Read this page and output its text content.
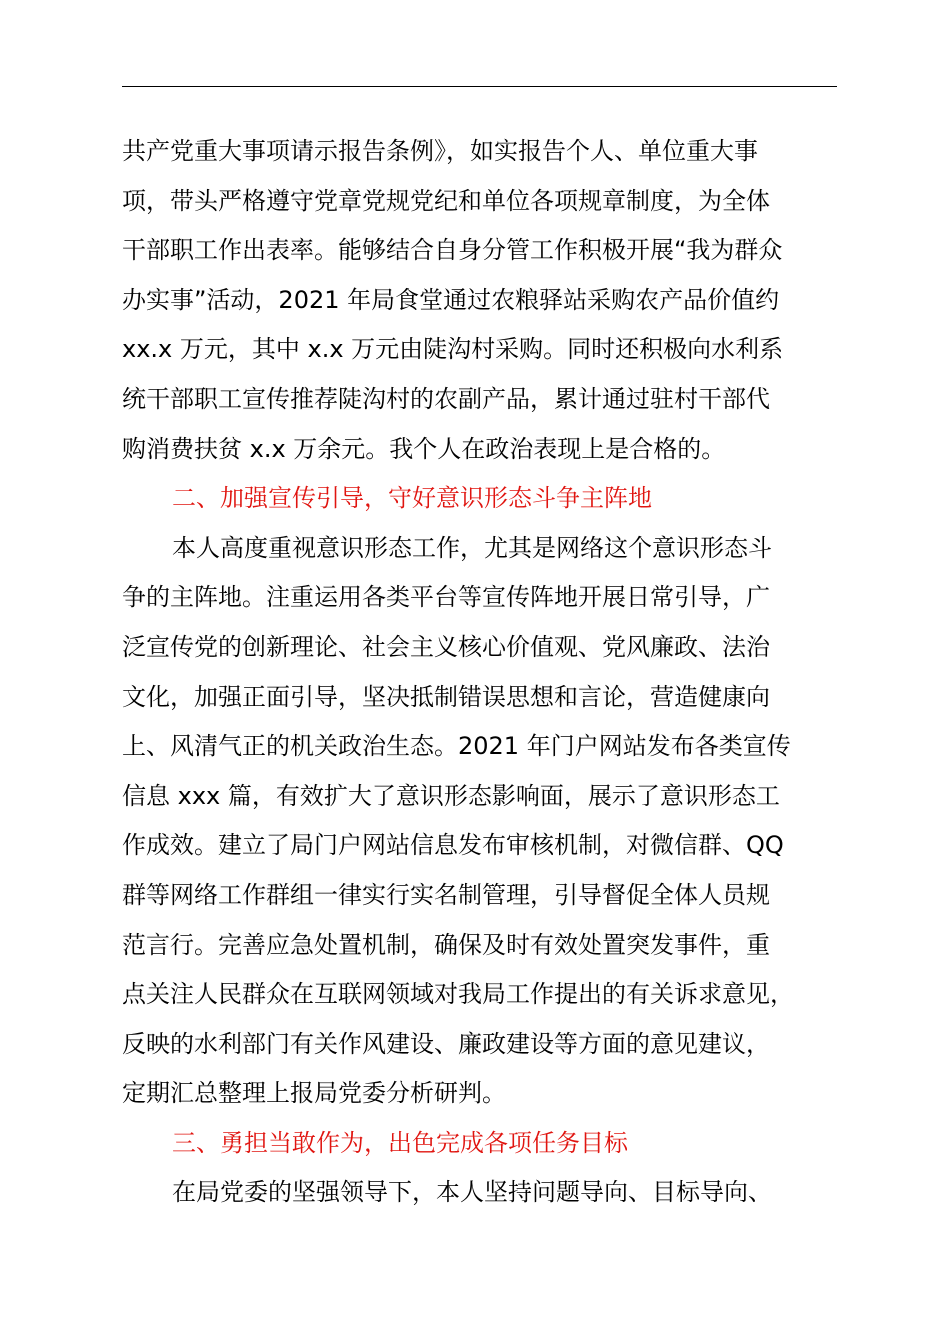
共产党重大事项请示报告条例》，如实报告个人、单位重大事
项，带头严格遵守党章党规党纪和单位各项规章制度，为全体
干部职工作出表率。能够结合自身分管工作积极开展“我为群众
办实事”活动，2021 年局食堂通过农粮驿站采购农产品价值约
xx.x 万元，其中 x.x 万元由陡沟村采购。同时还积极向水利系
统干部职工宣传推荐陡沟村的农副产品，累计通过驻村干部代
购消费扶贫 x.x 万余元。我个人在政治表现上是合格的。
二、加强宣传引导，守好意识形态斗争主阵地
本人高度重视意识形态工作，尤其是网络这个意识形态斗
争的主阵地。注重运用各类平台等宣传阵地开展日常引导，广
泛宣传党的创新理论、社会主义核心价值观、党风廉政、法治
文化，加强正面引导，坚决抵制错误思想和言论，营造健康向
上、风清气正的机关政治生态。2021 年门户网站发布各类宣传
信息 xxx 篇，有效扩大了意识形态影响面，展示了意识形态工
作成效。建立了局门户网站信息发布审核机制，对微信群、QQ
群等网络工作群组一律实行实名制管理，引导督促全体人员规
范言行。完善应急处置机制，确保及时有效处置突发事件，重
点关注人民群众在互联网领域对我局工作提出的有关诉求意见，
反映的水利部门有关作风建设、廉政建设等方面的意见建议，
定期汇总整理上报局党委分析研判。
三、勇担当敢作为，出色完成各项任务目标
在局党委的坚强领导下，本人坚持问题导向、目标导向、
